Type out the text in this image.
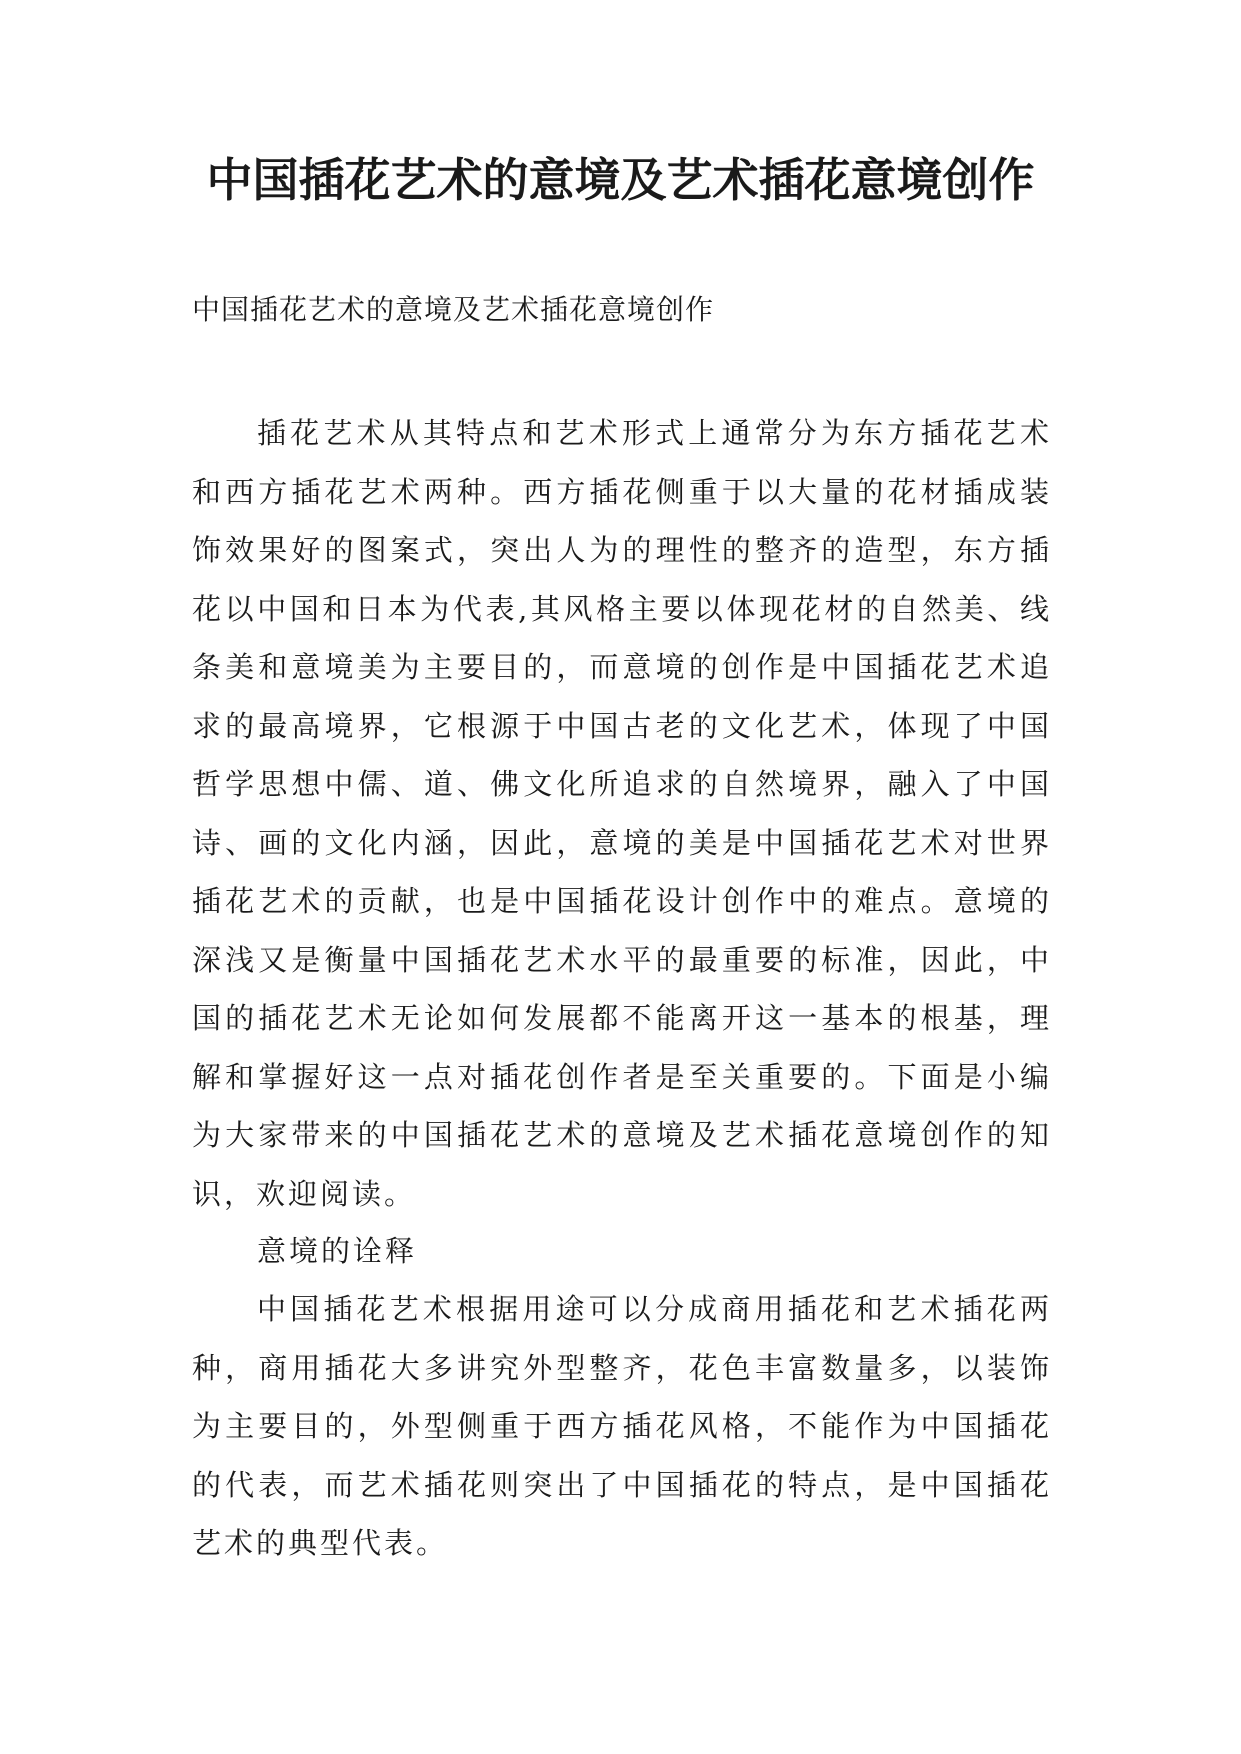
中国插花艺术的意境及艺术插花意境创作
中国插花艺术的意境及艺术插花意境创作
插花艺术从其特点和艺术形式上通常分为东方插花艺术和西方插花艺术两种。西方插花侧重于以大量的花材插成装饰效果好的图案式，突出人为的理性的整齐的造型，东方插花以中国和日本为代表,其风格主要以体现花材的自然美、线条美和意境美为主要目的，而意境的创作是中国插花艺术追求的最高境界，它根源于中国古老的文化艺术，体现了中国哲学思想中儒、道、佛文化所追求的自然境界，融入了中国诗、画的文化内涵，因此，意境的美是中国插花艺术对世界插花艺术的贡献，也是中国插花设计创作中的难点。意境的深浅又是衡量中国插花艺术水平的最重要的标准，因此，中国的插花艺术无论如何发展都不能离开这一基本的根基，理解和掌握好这一点对插花创作者是至关重要的。下面是小编为大家带来的中国插花艺术的意境及艺术插花意境创作的知识，欢迎阅读。
意境的诠释
中国插花艺术根据用途可以分成商用插花和艺术插花两种，商用插花大多讲究外型整齐，花色丰富数量多，以装饰为主要目的，外型侧重于西方插花风格，不能作为中国插花的代表，而艺术插花则突出了中国插花的特点，是中国插花艺术的典型代表。
